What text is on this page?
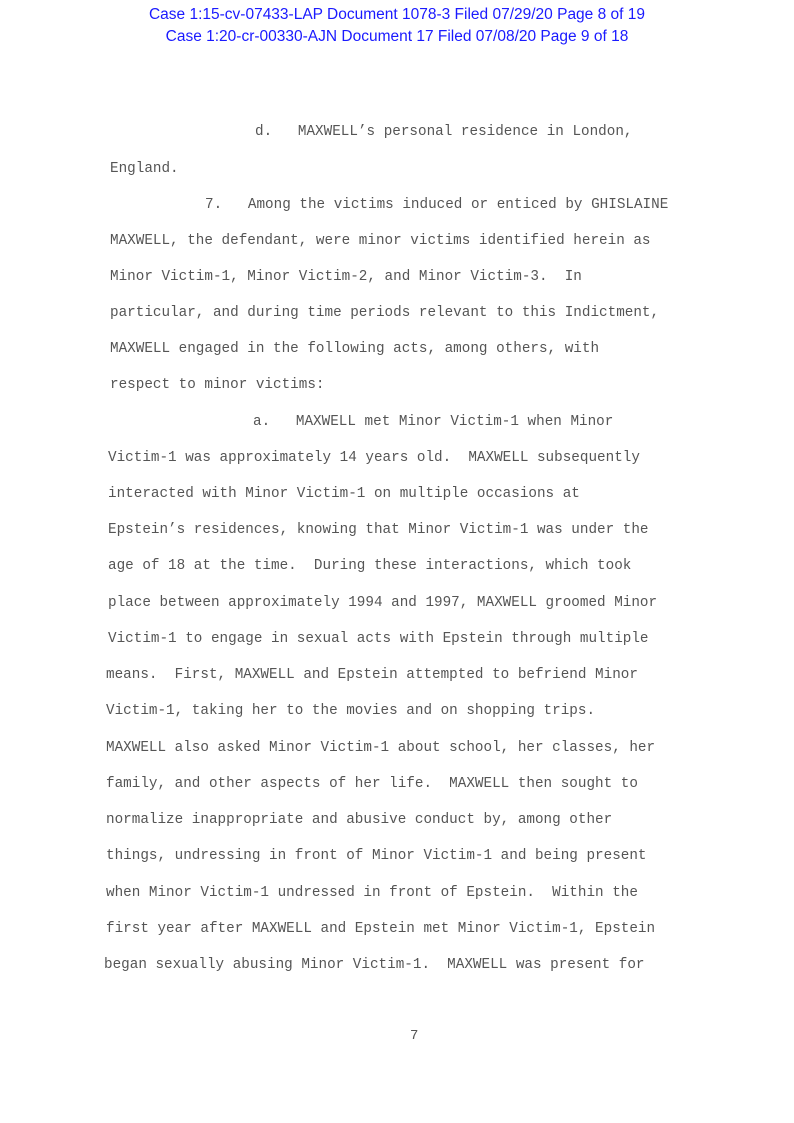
Case 1:15-cv-07433-LAP Document 1078-3 Filed 07/29/20 Page 8 of 19
Case 1:20-cr-00330-AJN Document 17 Filed 07/08/20 Page 9 of 18
d.   MAXWELL’s personal residence in London,
England.
7.   Among the victims induced or enticed by GHISLAINE
MAXWELL, the defendant, were minor victims identified herein as
Minor Victim-1, Minor Victim-2, and Minor Victim-3.  In
particular, and during time periods relevant to this Indictment,
MAXWELL engaged in the following acts, among others, with
respect to minor victims:
a.   MAXWELL met Minor Victim-1 when Minor
Victim-1 was approximately 14 years old.  MAXWELL subsequently
interacted with Minor Victim-1 on multiple occasions at
Epstein’s residences, knowing that Minor Victim-1 was under the
age of 18 at the time.  During these interactions, which took
place between approximately 1994 and 1997, MAXWELL groomed Minor
Victim-1 to engage in sexual acts with Epstein through multiple
means.  First, MAXWELL and Epstein attempted to befriend Minor
Victim-1, taking her to the movies and on shopping trips.
MAXWELL also asked Minor Victim-1 about school, her classes, her
family, and other aspects of her life.  MAXWELL then sought to
normalize inappropriate and abusive conduct by, among other
things, undressing in front of Minor Victim-1 and being present
when Minor Victim-1 undressed in front of Epstein.  Within the
first year after MAXWELL and Epstein met Minor Victim-1, Epstein
began sexually abusing Minor Victim-1.  MAXWELL was present for
7
